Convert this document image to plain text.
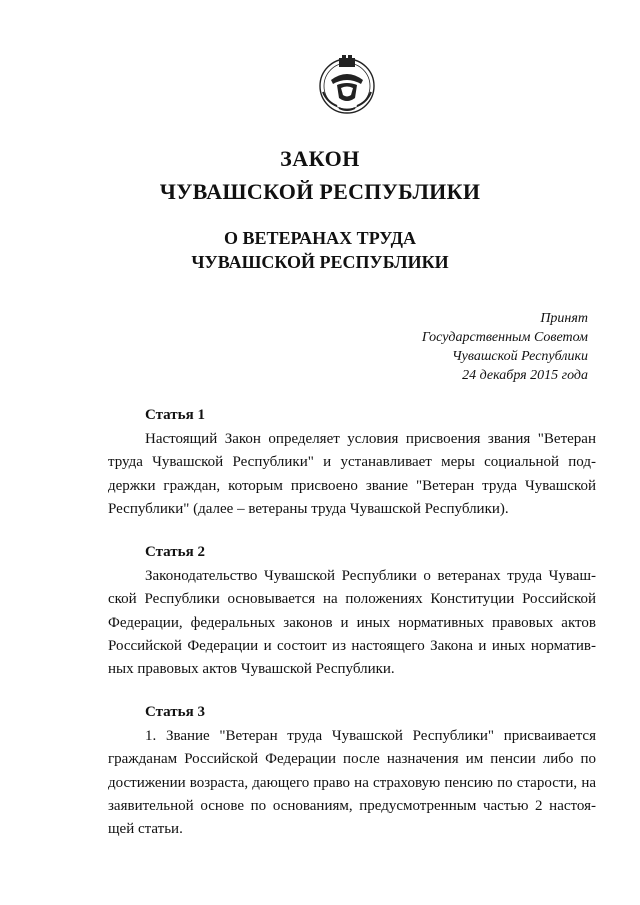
ЗАКОН
ЧУВАШСКОЙ РЕСПУБЛИКИ
О ВЕТЕРАНАХ ТРУДА
ЧУВАШСКОЙ РЕСПУБЛИКИ
Принят
Государственным Советом
Чувашской Республики
24 декабря 2015 года
Статья 1
Настоящий Закон определяет условия присвоения звания "Ветеран
труда Чувашской Республики" и устанавливает меры социальной под-
держки граждан, которым присвоено звание "Ветеран труда Чувашской
Республики" (далее – ветераны труда Чувашской Республики).
Статья 2
Законодательство Чувашской Республики о ветеранах труда Чуваш-
ской Республики основывается на положениях Конституции Российской
Федерации, федеральных законов и иных нормативных правовых актов
Российской Федерации и состоит из настоящего Закона и иных норматив-
ных правовых актов Чувашской Республики.
Статья 3
1. Звание "Ветеран труда Чувашской Республики" присваивается
гражданам Российской Федерации после назначения им пенсии либо по
достижении возраста, дающего право на страховую пенсию по старости, на
заявительной основе по основаниям, предусмотренным частью 2 настоя-
щей статьи.
